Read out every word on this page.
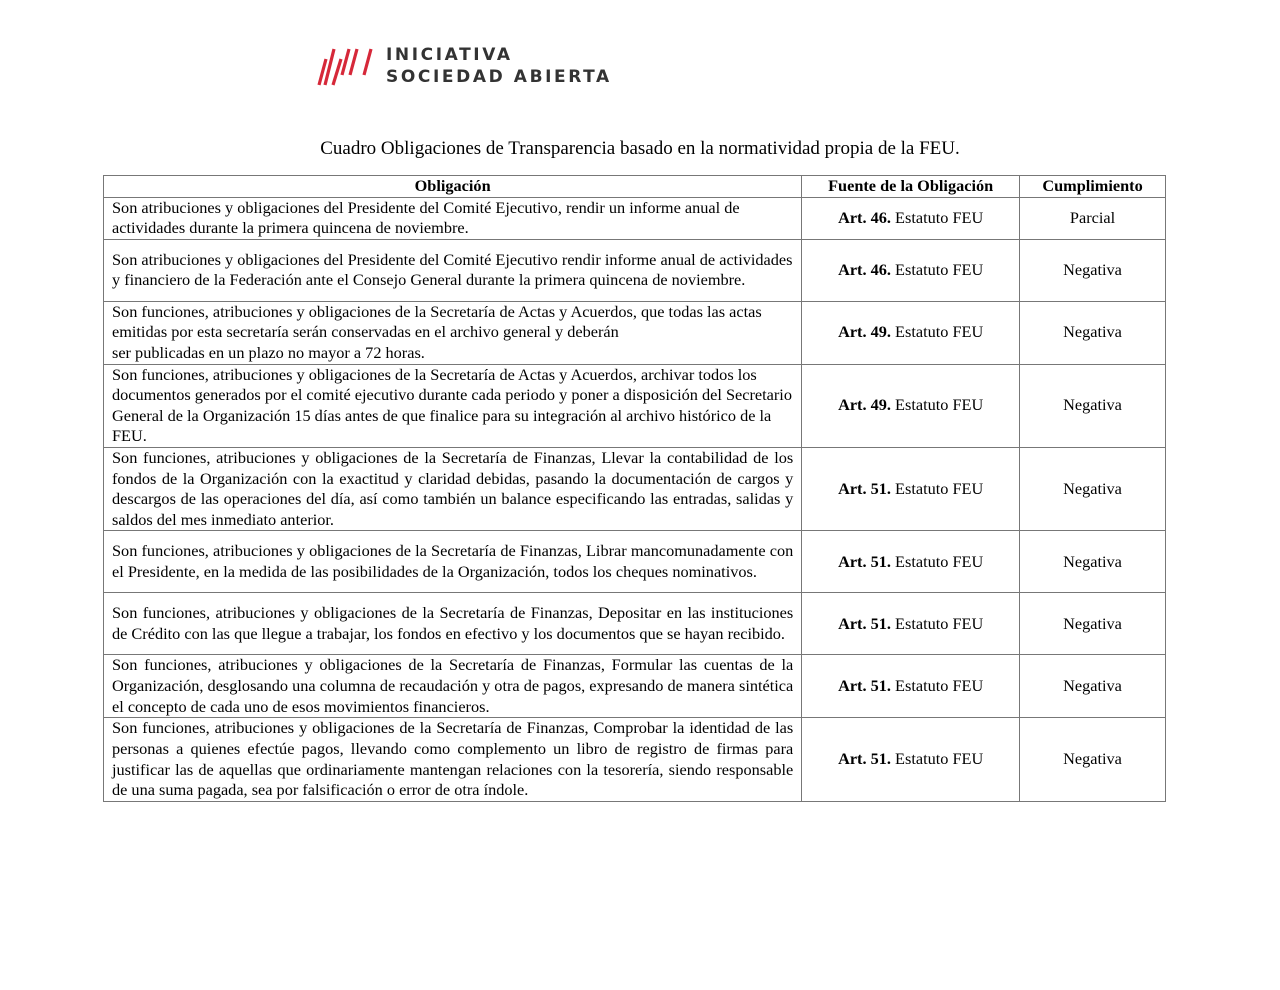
INICIATIVA
SOCIEDAD ABIERTA
Cuadro Obligaciones de Transparencia basado en la normatividad propia de la FEU.
Obligación	Fuente de la Obligación	Cumplimiento
Son atribuciones y obligaciones del Presidente del Comité Ejecutivo, rendir un informe anual de actividades durante la primera quincena de noviembre.	Art. 46. Estatuto FEU	Parcial
Son atribuciones y obligaciones del Presidente del Comité Ejecutivo rendir informe anual de actividades y financiero de la Federación ante el Consejo General durante la primera quincena de noviembre.	Art. 46. Estatuto FEU	Negativa
Son funciones, atribuciones y obligaciones de la Secretaría de Actas y Acuerdos, que todas las actas emitidas por esta secretaría serán conservadas en el archivo general y deberán
ser publicadas en un plazo no mayor a 72 horas.	Art. 49. Estatuto FEU	Negativa
Son funciones, atribuciones y obligaciones de la Secretaría de Actas y Acuerdos, archivar todos los documentos generados por el comité ejecutivo durante cada periodo y poner a disposición del Secretario General de la Organización 15 días antes de que finalice para su integración al archivo histórico de la FEU.	Art. 49. Estatuto FEU	Negativa
Son funciones, atribuciones y obligaciones de la Secretaría de Finanzas, Llevar la contabilidad de los fondos de la Organización con la exactitud y claridad debidas, pasando la documentación de cargos y descargos de las operaciones del día, así como también un balance especificando las entradas, salidas y saldos del mes inmediato anterior.	Art. 51. Estatuto FEU	Negativa
Son funciones, atribuciones y obligaciones de la Secretaría de Finanzas, Librar mancomunadamente con el Presidente, en la medida de las posibilidades de la Organización, todos los cheques nominativos.	Art. 51. Estatuto FEU	Negativa
Son funciones, atribuciones y obligaciones de la Secretaría de Finanzas, Depositar en las instituciones de Crédito con las que llegue a trabajar, los fondos en efectivo y los documentos que se hayan recibido.	Art. 51. Estatuto FEU	Negativa
Son funciones, atribuciones y obligaciones de la Secretaría de Finanzas, Formular las cuentas de la Organización, desglosando una columna de recaudación y otra de pagos, expresando de manera sintética el concepto de cada uno de esos movimientos financieros.	Art. 51. Estatuto FEU	Negativa
Son funciones, atribuciones y obligaciones de la Secretaría de Finanzas, Comprobar la identidad de las personas a quienes efectúe pagos, llevando como complemento un libro de registro de firmas para justificar las de aquellas que ordinariamente mantengan relaciones con la tesorería, siendo responsable de una suma pagada, sea por falsificación o error de otra índole.	Art. 51. Estatuto FEU	Negativa
